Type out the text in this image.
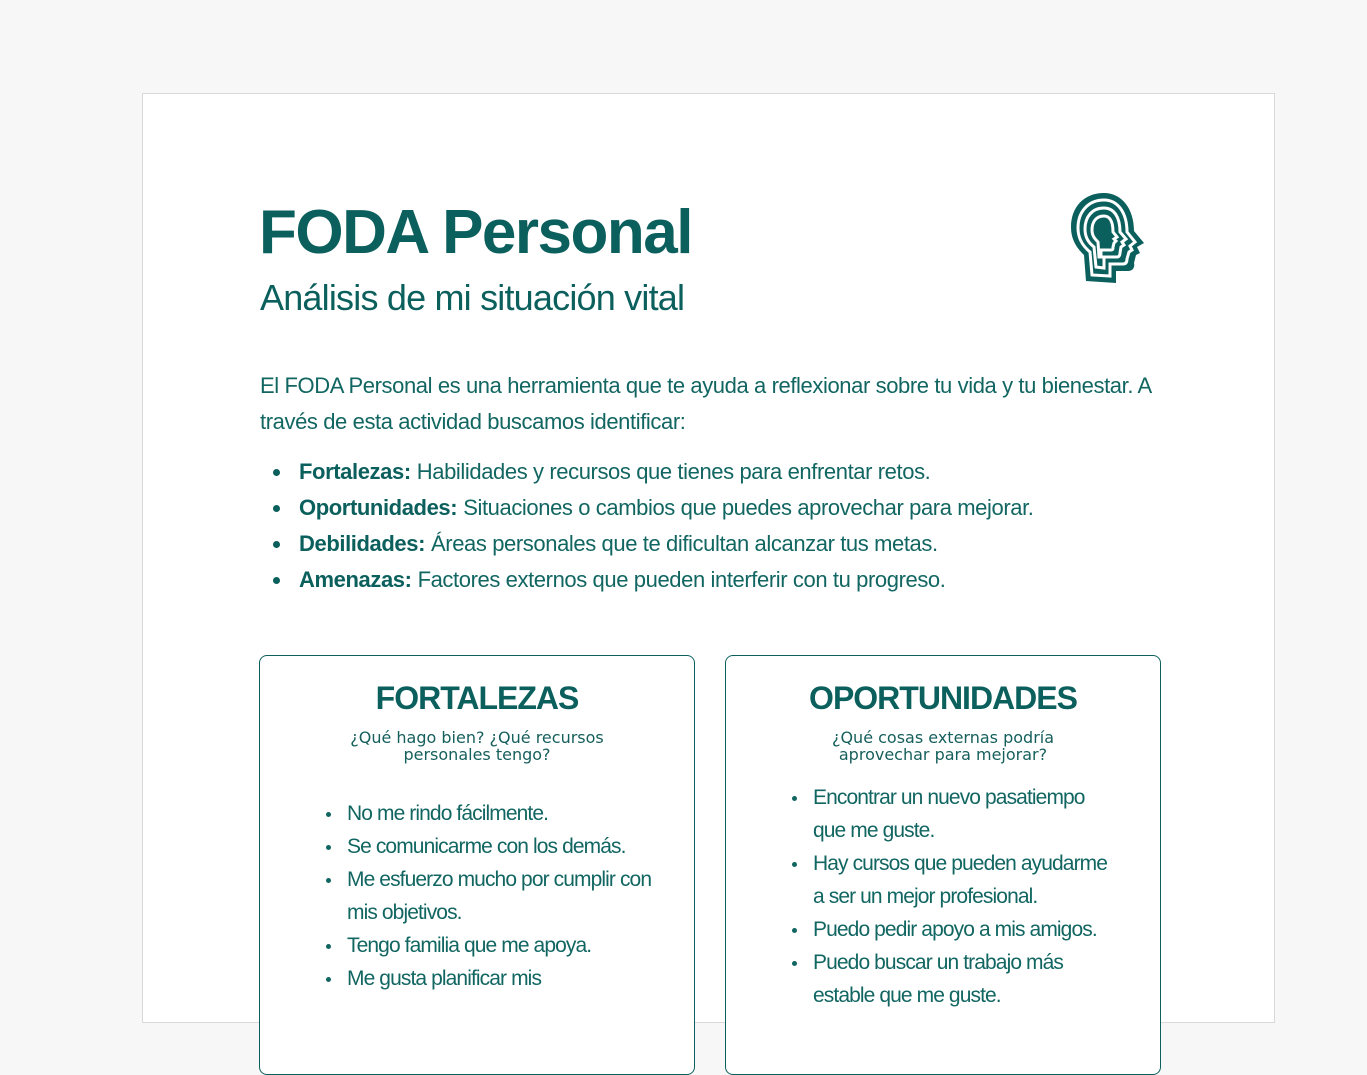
FODA Personal
Análisis de mi situación vital

El FODA Personal es una herramienta que te ayuda a reflexionar sobre tu vida y tu bienestar. A través de esta actividad buscamos identificar:

Fortalezas: Habilidades y recursos que tienes para enfrentar retos.
Oportunidades: Situaciones o cambios que puedes aprovechar para mejorar.
Debilidades: Áreas personales que te dificultan alcanzar tus metas.
Amenazas: Factores externos que pueden interferir con tu progreso.
FORTALEZAS

¿Qué hago bien? ¿Qué recursos personales tengo?

No me rindo fácilmente.
Se comunicarme con los demás.
Me esfuerzo mucho por cumplir con mis objetivos.
Tengo familia que me apoya.
Me gusta planificar mis
OPORTUNIDADES

¿Qué cosas externas podría aprovechar para mejorar?

Encontrar un nuevo pasatiempo que me guste.
Hay cursos que pueden ayudarme a ser un mejor profesional.
Puedo pedir apoyo a mis amigos.
Puedo buscar un trabajo más estable que me guste.
